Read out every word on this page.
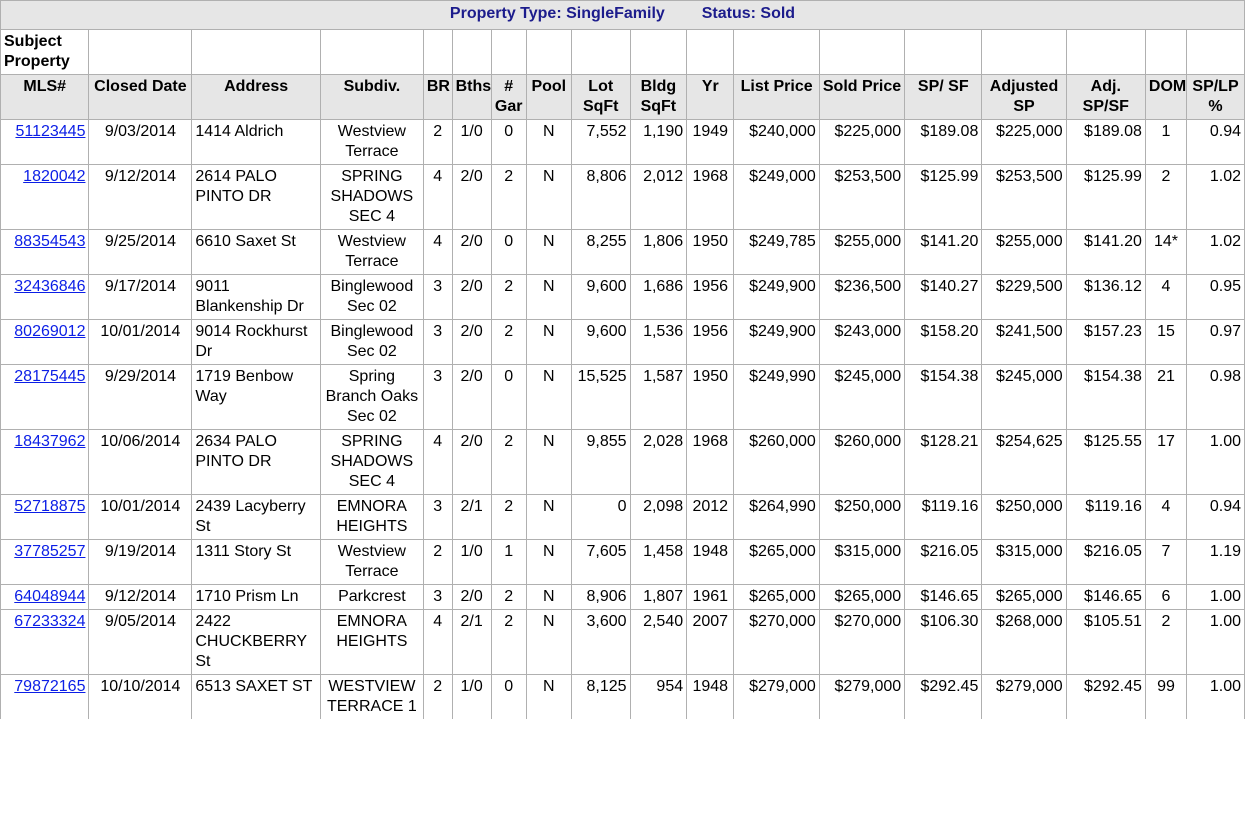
Property Type: SingleFamily Status: Sold																	
Subject Property																	
MLS#	Closed Date	Address	Subdiv.	BR	Bths	# Gar	Pool	Lot SqFt	Bldg SqFt	Yr	List Price	Sold Price	SP/ SF	Adjusted SP	Adj. SP/SF	DOM	SP/LP %
51123445	9/03/2014	1414 Aldrich	Westview Terrace	2	1/0	0	N	7,552	1,190	1949	$240,000	$225,000	$189.08	$225,000	$189.08	1	0.94
1820042	9/12/2014	2614 PALO PINTO DR	SPRING SHADOWS SEC 4	4	2/0	2	N	8,806	2,012	1968	$249,000	$253,500	$125.99	$253,500	$125.99	2	1.02
88354543	9/25/2014	6610 Saxet St	Westview Terrace	4	2/0	0	N	8,255	1,806	1950	$249,785	$255,000	$141.20	$255,000	$141.20	14*	1.02
32436846	9/17/2014	9011 Blankenship Dr	Binglewood Sec 02	3	2/0	2	N	9,600	1,686	1956	$249,900	$236,500	$140.27	$229,500	$136.12	4	0.95
80269012	10/01/2014	9014 Rockhurst Dr	Binglewood Sec 02	3	2/0	2	N	9,600	1,536	1956	$249,900	$243,000	$158.20	$241,500	$157.23	15	0.97
28175445	9/29/2014	1719 Benbow Way	Spring Branch Oaks Sec 02	3	2/0	0	N	15,525	1,587	1950	$249,990	$245,000	$154.38	$245,000	$154.38	21	0.98
18437962	10/06/2014	2634 PALO PINTO DR	SPRING SHADOWS SEC 4	4	2/0	2	N	9,855	2,028	1968	$260,000	$260,000	$128.21	$254,625	$125.55	17	1.00
52718875	10/01/2014	2439 Lacyberry St	EMNORA HEIGHTS	3	2/1	2	N	0	2,098	2012	$264,990	$250,000	$119.16	$250,000	$119.16	4	0.94
37785257	9/19/2014	1311 Story St	Westview Terrace	2	1/0	1	N	7,605	1,458	1948	$265,000	$315,000	$216.05	$315,000	$216.05	7	1.19
64048944	9/12/2014	1710 Prism Ln	Parkcrest	3	2/0	2	N	8,906	1,807	1961	$265,000	$265,000	$146.65	$265,000	$146.65	6	1.00
67233324	9/05/2014	2422 CHUCKBERRY St	EMNORA HEIGHTS	4	2/1	2	N	3,600	2,540	2007	$270,000	$270,000	$106.30	$268,000	$105.51	2	1.00
79872165	10/10/2014	6513 SAXET ST	WESTVIEW TERRACE 1	2	1/0	0	N	8,125	954	1948	$279,000	$279,000	$292.45	$279,000	$292.45	99	1.00
